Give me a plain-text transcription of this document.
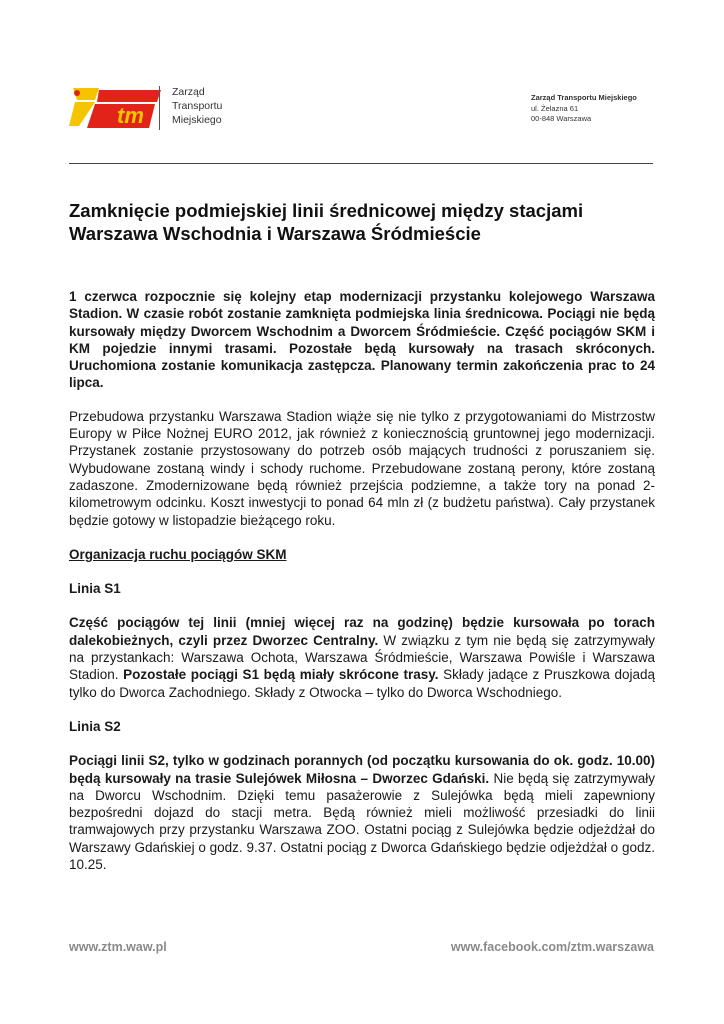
tm
Zarząd
Transportu
Miejskiego
Zarząd Transportu Miejskiego
ul. Żelazna 61
00-848 Warszawa
Zamknięcie podmiejskiej linii średnicowej między stacjami
Warszawa Wschodnia i Warszawa Śródmieście

1 czerwca rozpocznie się kolejny etap modernizacji przystanku kolejowego Warszawa Stadion. W czasie robót zostanie zamknięta podmiejska linia średnicowa. Pociągi nie będą kursowały między Dworcem Wschodnim a Dworcem Śródmieście. Część pociągów SKM i KM pojedzie innymi trasami. Pozostałe będą kursowały na trasach skróconych. Uruchomiona zostanie komunikacja zastępcza. Planowany termin zakończenia prac to 24 lipca.

Przebudowa przystanku Warszawa Stadion wiąże się nie tylko z przygotowaniami do Mistrzostw Europy w Piłce Nożnej EURO 2012, jak również z koniecznością gruntownej jego modernizacji. Przystanek zostanie przystosowany do potrzeb osób mających trudności z poruszaniem się. Wybudowane zostaną windy i schody ruchome. Przebudowane zostaną perony, które zostaną zadaszone. Zmodernizowane będą również przejścia podziemne, a także tory na ponad 2-kilometrowym odcinku. Koszt inwestycji to ponad 64 mln zł (z budżetu państwa). Cały przystanek będzie gotowy w listopadzie bieżącego roku.

Organizacja ruchu pociągów SKM
Linia S1

Część pociągów tej linii (mniej więcej raz na godzinę) będzie kursowała po torach dalekobieżnych, czyli przez Dworzec Centralny. W związku z tym nie będą się zatrzymywały na przystankach: Warszawa Ochota, Warszawa Śródmieście, Warszawa Powiśle i Warszawa Stadion. Pozostałe pociągi S1 będą miały skrócone trasy. Składy jadące z Pruszkowa dojadą tylko do Dworca Zachodniego. Składy z Otwocka – tylko do Dworca Wschodniego.

Linia S2

Pociągi linii S2, tylko w godzinach porannych (od początku kursowania do ok. godz. 10.00) będą kursowały na trasie Sulejówek Miłosna – Dworzec Gdański. Nie będą się zatrzymywały na Dworcu Wschodnim. Dzięki temu pasażerowie z Sulejówka będą mieli zapewniony bezpośredni dojazd do stacji metra. Będą również mieli możliwość przesiadki do linii tramwajowych przy przystanku Warszawa ZOO. Ostatni pociąg z Sulejówka będzie odjeżdżał do Warszawy Gdańskiej o godz. 9.37. Ostatni pociąg z Dworca Gdańskiego będzie odjeżdżał o godz. 10.25.

www.ztm.waw.pl	www.facebook.com/ztm.warszawa
